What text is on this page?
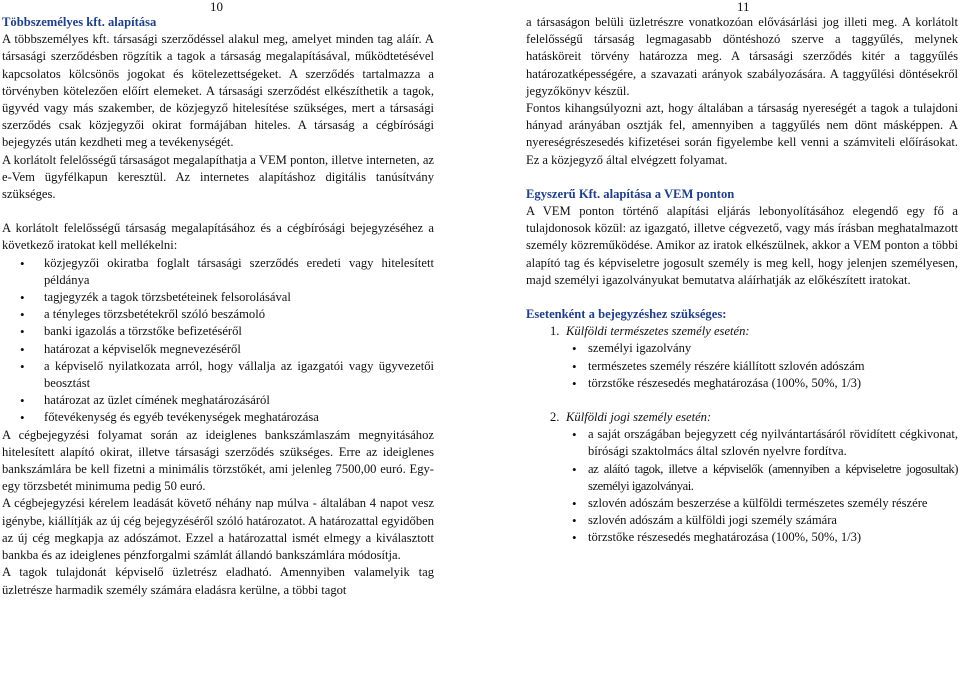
10	11

Többszemélyes kft. alapítása

A többszemélyes kft. társasági szerződéssel alakul meg, amelyet minden tag aláír. A társasági szerződésben rögzítik a tagok a társaság megalapításával, működtetésével kapcsolatos kölcsönös jogokat és kötelezettségeket. A szerződés tartalmazza a törvényben kötelezően előírt elemeket. A társasági szerződést elkészíthetik a tagok, ügyvéd vagy más szakember, de közjegyző hitelesítése szükséges, mert a társasági szerződés csak közjegyzői okirat formájában hiteles. A társaság a cégbírósági bejegyzés után kezdheti meg a tevékenységét.

A korlátolt felelősségű társaságot megalapíthatja a VEM ponton, illetve interneten, az e-Vem ügyfélkapun keresztül. Az internetes alapításhoz digitális tanúsítvány szükséges.

A korlátolt felelősségű társaság megalapításához és a cégbírósági bejegyzéséhez a következő iratokat kell mellékelni:

• közjegyzői okiratba foglalt társasági szerződés eredeti vagy hitelesített példánya
• tagjegyzék a tagok törzsbetéteinek felsorolásával
• a tényleges törzsbetétekről szóló beszámoló
• banki igazolás a törzstőke befizetéséről
• határozat a képviselők megnevezéséről
• a képviselő nyilatkozata arról, hogy vállalja az igazgatói vagy ügyvezetői beosztást
• határozat az üzlet címének meghatározásáról
• főtevékenység és egyéb tevékenységek meghatározása

A cégbejegyzési folyamat során az ideiglenes bankszámlaszám megnyitásához hitelesített alapító okirat, illetve társasági szerződés szükséges. Erre az ideiglenes bankszámlára be kell fizetni a minimális törzstőkét, ami jelenleg 7500,00 euró. Egy-egy törzsbetét minimuma pedig 50 euró.

A cégbejegyzési kérelem leadását követő néhány nap múlva - általában 4 napot vesz igénybe, kiállítják az új cég bejegyzéséről szóló határozatot. A határozattal egyidőben az új cég megkapja az adószámot. Ezzel a határozattal ismét elmegy a kiválasztott bankba és az ideiglenes pénzforgalmi számlát állandó bankszámlára módosítja.

A tagok tulajdonát képviselő üzletrész eladható. Amennyiben valamelyik tag üzletrésze harmadik személy számára eladásra kerülne, a többi tagot

a társaságon belüli üzletrészre vonatkozóan elővásárlási jog illeti meg. A korlátolt felelősségű társaság legmagasabb döntéshozó szerve a taggyűlés, melynek hatásköreit törvény határozza meg. A társasági szerződés kitér a taggyűlés határozatképességére, a szavazati arányok szabályozására. A taggyűlési döntésekről jegyzőkönyv készül.

Fontos kihangsúlyozni azt, hogy általában a társaság nyereségét a tagok a tulajdoni hányad arányában osztják fel, amennyiben a taggyűlés nem dönt másképpen. A nyereségrészesedés kifizetései során figyelembe kell venni a számviteli előírásokat. Ez a közjegyző által elvégzett folyamat.

Egyszerű Kft. alapítása a VEM ponton

A VEM ponton történő alapítási eljárás lebonyolításához elegendő egy fő a tulajdonosok közül: az igazgató, illetve cégvezető, vagy más írásban meghatalmazott személy közreműködése. Amikor az iratok elkészülnek, akkor a VEM ponton a többi alapító tag és képviseletre jogosult személy is meg kell, hogy jelenjen személyesen, majd személyi igazolványukat bemutatva aláírhatják az előkészített iratokat.

Esetenként a bejegyzéshez szükséges:

1. Külföldi természetes személy esetén:
• személyi igazolvány
• természetes személy részére kiállított szlovén adószám
• törzstőke részesedés meghatározása (100%, 50%, 1/3)
2. Külföldi jogi személy esetén:
• a saját országában bejegyzett cég nyilvántartásáról rövidített cégkivonat, bírósági szaktolmács által szlovén nyelvre fordítva.
• az aláító tagok, illetve a képviselők (amennyiben a képviseletre jogosultak) személyi igazolványai.
• szlovén adószám beszerzése a külföldi természetes személy részére
• szlovén adószám a külföldi jogi személy számára
• törzstőke részesedés meghatározása (100%, 50%, 1/3)
